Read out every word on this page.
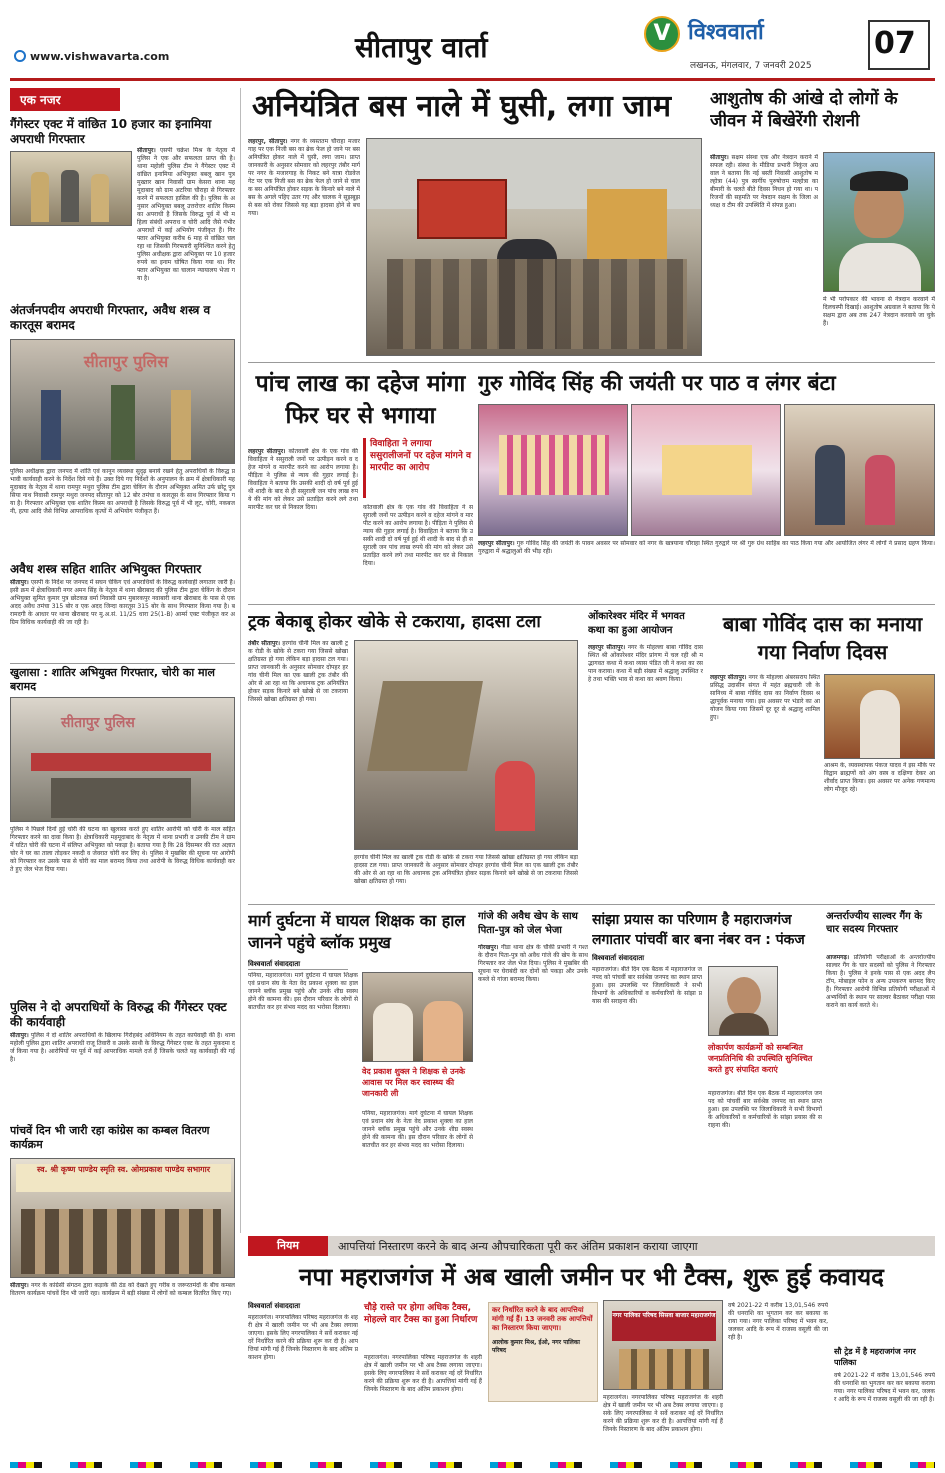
www.vishwavarta.com	सीतापुर वार्ता	V विश्ववार्ता
लखनऊ, मंगलवार, 7 जनवरी 2025
07
एक नजर
गैंगेस्टर एक्ट में वांछित 10 हजार का इनामिया अपराधी गिरफ्तार
सीतापुर। एसपी चक्रेश मिश्र के नेतृत्व में पुलिस ने एक और सफलता प्राप्त की है। थाना महोली पुलिस टीम ने गैंगेस्टर एक्ट में वांछित इनामिया अभियुक्त बबलू खान पुत्र मुख्तार खान निवासी ग्राम केसरा थाना महमूदाबाद को ग्राम अटरिया चौराहा से गिरफ्तार करने में सफलता हासिल की है। पुलिस के अनुसार अभियुक्त बबलू उत्तरोत्तर शातिर किस्म का अपराधी है जिसके विरुद्ध पूर्व में भी महिला संबंधी अपराध व चोरी आदि जैसे गंभीर अपराधों में कई अभियोग पंजीकृत हैं। गिरफ्तार अभियुक्त करीब 6 माह से वांछित चल रहा था जिसकी गिरफ्तारी सुनिश्चित करने हेतु पुलिस अधीक्षक द्वारा अभियुक्त पर 10 हजार रुपये का इनाम घोषित किया गया था। गिरफ्तार अभियुक्त का चालान न्यायालय भेजा गया है।
अंतर्जनपदीय अपराधी गिरफ्तार, अवैध शस्त्र व कारतूस बरामद
सीतापुर पुलिस
पुलिस अधीक्षक द्वारा जनपद में शांति एवं कानून व्यवस्था सुदृढ़ बनाये रखने हेतु अपराधियों के विरुद्ध प्रभावी कार्यवाही करने के निर्देश दिये गये हैं। उक्त दिये गए निर्देशों के अनुपालन के क्रम में क्षेत्राधिकारी महमूदाबाद के नेतृत्व में थाना रामपुर मथुरा पुलिस टीम द्वारा चेकिंग के दौरान अभियुक्त अमित उर्फ छोटू पुत्र सिया नाथ निवासी रामपुर मथुरा जनपद सीतापुर को 12 बोर तमंचा व कारतूस के साथ गिरफ्तार किया गया है। गिरफ्तार अभियुक्त एक शातिर किस्म का अपराधी है जिसके विरुद्ध पूर्व में भी लूट, चोरी, नकबजनी, हत्या आदि जैसे विभिन्न आपराधिक कृत्यों में अभियोग पंजीकृत हैं।
अवैध शस्त्र सहित शातिर अभियुक्त गिरफ्तार
सीतापुर। एसपी के निर्देश पर जनपद में सघन चेकिंग एवं अपराधियों के विरुद्ध कार्यवाही लगातार जारी है। इसी क्रम में क्षेत्राधिकारी नगर अमन सिंह के नेतृत्व में थाना खैराबाद की पुलिस टीम द्वारा चेकिंग के दौरान अभियुक्त सुमित कुमार पुत्र छोटकन्न वर्मा निवासी ग्राम मुबारकपुर नवाबारी थाना खैराबाद के पास से एक अदद अवैध तमंचा 315 बोर व एक अदद जिन्दा कारतूस 315 बोर के साथ गिरफ्तार किया गया है। बरामदगी के आधार पर थाना खैराबाद पर मु.अ.सं. 11/25 धारा 25(1-B) आर्म्स एक्ट पंजीकृत कर अग्रिम विधिक कार्यवाही की जा रही है।
खुलासा : शातिर अभियुक्त गिरफ्तार, चोरी का माल बरामद
सीतापुर पुलिस
पुलिस ने पिछले दिनों हुई चोरी की घटना का खुलासा करते हुए शातिर आरोपी को चोरी के माल सहित गिरफ्तार करने का दावा किया है। क्षेत्राधिकारी महमूदाबाद के नेतृत्व में थाना प्रभारी व उनकी टीम ने ग्राम में घटित चोरी की घटना में संलिप्त अभियुक्त को पकड़ा है। बताया गया है कि 28 दिसम्बर की रात अज्ञात चोर ने घर का ताला तोड़कर नकदी व जेवरात चोरी कर लिए थे। पुलिस ने मुखबिर की सूचना पर आरोपी को गिरफ्तार कर उसके पास से चोरी का माल बरामद किया तथा आरोपी के विरुद्ध विधिक कार्यवाही करते हुए जेल भेज दिया गया।
पुलिस ने दो अपराधियों के विरुद्ध की गैंगेस्टर एक्ट की कार्यवाही
सीतापुर। पुलिस ने दो शातिर अपराधियों के खिलाफ गिरोहबंद अधिनियम के तहत कार्यवाही की है। थाना महोली पुलिस द्वारा शातिर अपराधी राजू तिवारी व उसके साथी के विरुद्ध गैंगेस्टर एक्ट के तहत मुकदमा दर्ज किया गया है। आरोपियों पर पूर्व में कई आपराधिक मामले दर्ज हैं जिसके चलते यह कार्यवाही की गई है।
पांचवें दिन भी जारी रहा कांग्रेस का कम्बल वितरण कार्यक्रम
स्व. श्री कृष्ण पाण्डेय स्मृति स्व. ओमप्रकाश पाण्डेय सभागार
सीतापुर। नगर के कांग्रेसी संगठन द्वारा कड़ाके की ठंड को देखते हुए गरीब व जरूरतमंदों के बीच कम्बल वितरण कार्यक्रम पांचवें दिन भी जारी रहा। कार्यक्रम में बड़ी संख्या में लोगों को कम्बल वितरित किए गए।
अनियंत्रित बस नाले में घुसी, लगा जाम
लहरपुर, सीतापुर। नगर के व्यस्ततम चौराहा मजारगाह पर एक निजी बस का ब्रेक फेल हो जाने पर बस अनियंत्रित होकर नाले में घुसी, लगा जाम। प्राप्त जानकारी के अनुसार सोमवार को लहरपुर तंबौर मार्ग पर नगर के मजारगाह के निकट बने यात्रा रोडवेज गेट पर एक निजी बस का ब्रेक फेल हो जाने से चालक बस अनियंत्रित होकर सड़क के किनारे बने नाले में बस के अगले पहिए उतर गए और चालक ने सूझबूझ से बस को रोका जिससे यह बड़ा हादसा होने से बच गया।
आशुतोष की आंखे दो लोगों के जीवन में बिखेरेंगी रोशनी
सीतापुर। सक्षम संस्था एक और नेत्रदान कराने में सफल रही। संस्था के मीडिया प्रभारी निकुंज अग्रवाल ने बताया कि नई बस्ती निवासी आशुतोष मल्होत्रा (44) पुत्र स्वर्गीय पुरुषोत्तम मल्होत्रा का बीमारी के चलते बीते दिवस निधन हो गया था। परिजनों की सहमति पर नेत्रदान सक्षम के जिला अध्यक्ष व टीम की उपस्थिति में संपन्न हुआ।
मे भी परोपकार की भावना से नेत्रदान करवाने में दिलचस्पी दिखाई। आशुतोष अग्रवाल ने बताया कि ये सक्षम द्वारा अब तक 247 नेत्रदान करवाये जा चुके हैं।
पांच लाख का दहेज मांगा फिर घर से भगाया
लहरपुर सीतापुर। कोतवाली क्षेत्र के एक गांव की विवाहिता ने ससुराली जनों पर उत्पीड़न करने व दहेज मांगने व मारपीट करने का आरोप लगाया है। पीड़िता ने पुलिस से न्याय की गुहार लगाई है। विवाहिता ने बताया कि उसकी शादी दो वर्ष पूर्व हुई थी शादी के बाद से ही ससुराली जन पांच लाख रुपये की मांग को लेकर उसे प्रताड़ित करने लगे तथा मारपीट कर घर से निकाल दिया।
विवाहिता ने लगाया ससुरालीजनों पर दहेज मांगने व मारपीट का आरोप
कोतवाली क्षेत्र के एक गांव की विवाहिता ने ससुराली जनों पर उत्पीड़न करने व दहेज मांगने व मारपीट करने का आरोप लगाया है। पीड़िता ने पुलिस से न्याय की गुहार लगाई है। विवाहिता ने बताया कि उसकी शादी दो वर्ष पूर्व हुई थी शादी के बाद से ही ससुराली जन पांच लाख रुपये की मांग को लेकर उसे प्रताड़ित करने लगे तथा मारपीट कर घर से निकाल दिया।
गुरु गोविंद सिंह की जयंती पर पाठ व लंगर बंटा
लहरपुर सीतापुर। गुरु गोविंद सिंह की जयंती के पावन अवसर पर सोमवार को नगर के खत्रयाना चौराहा स्थित गुरुद्वारे पर श्री गुरु ग्रंथ साहिब का पाठ किया गया और आयोजित लंगर में लोगों ने प्रसाद ग्रहण किया। गुरुद्वारा में श्रद्धालुओं की भीड़ रही।
ट्रक बेकाबू होकर खोके से टकराया, हादसा टला
तंबौर सीतापुर। हरगांव चीनी मिल का खाली ट्रक रोडी के खोके से टकरा गया जिससे खोखा क्षतिग्रस्त हो गया लेकिन बड़ा हादसा टल गया। प्राप्त जानकारी के अनुसार सोमवार दोपहर हरगांव चीनी मिल का एक खाली ट्रक तंबौर की ओर से आ रहा था कि अचानक ट्रक अनियंत्रित होकर सड़क किनारे बने खोखे से जा टकराया जिससे खोखा क्षतिग्रस्त हो गया।
हरगांव चीनी मिल का खाली ट्रक रोडी के खोके से टकरा गया जिससे खोखा क्षतिग्रस्त हो गया लेकिन बड़ा हादसा टल गया। प्राप्त जानकारी के अनुसार सोमवार दोपहर हरगांव चीनी मिल का एक खाली ट्रक तंबौर की ओर से आ रहा था कि अचानक ट्रक अनियंत्रित होकर सड़क किनारे बने खोखे से जा टकराया जिससे खोखा क्षतिग्रस्त हो गया।
ओंकारेश्वर मंदिर में भगवत कथा का हुआ आयोजन
लहरपुर सीतापुर। नगर के मोहल्ला बाबा गोविंद दास स्थित श्री ओंकारेश्वर मंदिर प्रांगण में चल रही श्री मद्भागवत कथा में कथा व्यास पंडित जी ने कथा का रसपान कराया। कथा में बड़ी संख्या में श्रद्धालु उपस्थित रहे तथा भक्ति भाव से कथा का श्रवण किया।
बाबा गोविंद दास का मनाया गया निर्वाण दिवस
लहरपुर सीतापुर। नगर के मोहल्ला अंबरसराय स्थित प्रसिद्ध उदासीन संगत में महंत ब्रह्मचारी जी के सानिध्य में बाबा गोविंद दास का निर्वाण दिवस श्रद्धापूर्वक मनाया गया। इस अवसर पर भंडारे का आयोजन किया गया जिसमें दूर दूर से श्रद्धालु शामिल हुए।
आश्रम के, व्यवस्थापक पंकज यादव ने इस मौके पर विद्वान ब्राह्मणों को अंग वस्त्र व दक्षिणा देकर आशीर्वाद प्राप्त किया। इस अवसर पर अनेक गणमान्य लोग मौजूद रहे।
मार्ग दुर्घटना में घायल शिक्षक का हाल जानने पहुंचे ब्लॉक प्रमुख
विश्ववार्ता संवाददाता
पनिया, महाराजगंज। मार्ग दुर्घटना में घायल शिक्षक एवं प्रधान संघ के नेता वेद प्रकाश शुक्ला का हाल जानने ब्लॉक प्रमुख पहुंचे और उनके शीघ्र स्वस्थ होने की कामना की। इस दौरान परिवार के लोगों से बातचीत कर हर संभव मदद का भरोसा दिलाया।
वेद प्रकाश शुक्ल ने शिक्षक से उनके आवास पर मिल कर स्वास्थ्य की जानकारी ली
पनिया, महाराजगंज। मार्ग दुर्घटना में घायल शिक्षक एवं प्रधान संघ के नेता वेद प्रकाश शुक्ला का हाल जानने ब्लॉक प्रमुख पहुंचे और उनके शीघ्र स्वस्थ होने की कामना की। इस दौरान परिवार के लोगों से बातचीत कर हर संभव मदद का भरोसा दिलाया।
गांजे की अवैध खेप के साथ पिता-पुत्र को जेल भेजा
गोरखपुर। गीडा थाना क्षेत्र के चौकी प्रभारी ने गश्त के दौरान पिता-पुत्र को अवैध गांजे की खेप के साथ गिरफ्तार कर जेल भेज दिया। पुलिस ने मुखबिर की सूचना पर घेराबंदी कर दोनों को पकड़ा और उनके कब्जे से गांजा बरामद किया।
सांझा प्रयास का परिणाम है महाराजगंज लगातार पांचवीं बार बना नंबर वन : पंकज
विश्ववार्ता संवाददाता
महाराजगंज। बीते दिन एक बैठक में महाराजगंज जनपद को पांचवीं बार सर्वश्रेष्ठ जनपद का स्थान प्राप्त हुआ। इस उपलब्धि पर जिलाधिकारी ने सभी विभागों के अधिकारियों व कर्मचारियों के सांझा प्रयास की सराहना की।
लोकार्पण कार्यक्रमों को सम्बन्धित जनप्रतिनिधि की उपस्थिति सुनिश्चित करते हुए संपादित कराएं
महाराजगंज। बीते दिन एक बैठक में महाराजगंज जनपद को पांचवीं बार सर्वश्रेष्ठ जनपद का स्थान प्राप्त हुआ। इस उपलब्धि पर जिलाधिकारी ने सभी विभागों के अधिकारियों व कर्मचारियों के सांझा प्रयास की सराहना की।
अन्तर्राज्यीय साल्वर गैंग के चार सदस्य गिरफ्तार
आजमगढ़। प्रतियोगी परीक्षाओं के अन्तर्राज्यीय साल्वर गैंग के चार सदस्यों को पुलिस ने गिरफ्तार किया है। पुलिस ने इनके पास से एक अदद लैपटॉप, मोबाइल फोन व अन्य उपकरण बरामद किए हैं। गिरफ्तार आरोपी विभिन्न प्रतियोगी परीक्षाओं में अभ्यर्थियों के स्थान पर साल्वर बैठाकर परीक्षा पास कराने का कार्य करते थे।
नियम	आपत्तियां निस्तारण करने के बाद अन्य औपचारिकता पूरी कर अंतिम प्रकाशन कराया जाएगा
नपा महराजगंज में अब खाली जमीन पर भी टैक्स, शुरू हुई कवायद
विश्ववार्ता संवाददाता
महराजगंज। नगरपालिका परिषद महराजगंज के शहरी क्षेत्र में खाली जमीन पर भी अब टैक्स लगाया जाएगा। इसके लिए नगरपालिका ने सर्वे कराकर नई दरें निर्धारित करने की प्रक्रिया शुरू कर दी है। आपत्तियां मांगी गई हैं जिनके निस्तारण के बाद अंतिम प्रकाशन होगा।
चौड़े रास्ते पर होगा अधिक टैक्स, मोहल्ले वार टैक्स का हुआ निर्धारण
महराजगंज। नगरपालिका परिषद महराजगंज के शहरी क्षेत्र में खाली जमीन पर भी अब टैक्स लगाया जाएगा। इसके लिए नगरपालिका ने सर्वे कराकर नई दरें निर्धारित करने की प्रक्रिया शुरू कर दी है। आपत्तियां मांगी गई हैं जिनके निस्तारण के बाद अंतिम प्रकाशन होगा।
कर निर्धारित करने के बाद आपत्तियां मांगी गई हैं। 13 जनवरी तक आपत्तियों का निस्तारण किया जाएगा।
आलोक कुमार मिश्र, ईओ, नगर पालिका परिषद
नगर पालिका परिषद सिसवा बाजार महाराजगंज
महराजगंज। नगरपालिका परिषद महराजगंज के शहरी क्षेत्र में खाली जमीन पर भी अब टैक्स लगाया जाएगा। इसके लिए नगरपालिका ने सर्वे कराकर नई दरें निर्धारित करने की प्रक्रिया शुरू कर दी है। आपत्तियां मांगी गई हैं जिनके निस्तारण के बाद अंतिम प्रकाशन होगा।
वर्ष 2021-22 में करीब 13,01,546 रुपये की धनराशि का भुगतान कर कर बकाया कराया गया। नगर पालिका परिषद में भवन कर, जलकर आदि के रूप में राजस्व वसूली की जा रही है।
सौ ट्रेड में है महराजगंज नगर पालिका
वर्ष 2021-22 में करीब 13,01,546 रुपये की धनराशि का भुगतान कर कर बकाया कराया गया। नगर पालिका परिषद में भवन कर, जलकर आदि के रूप में राजस्व वसूली की जा रही है।
